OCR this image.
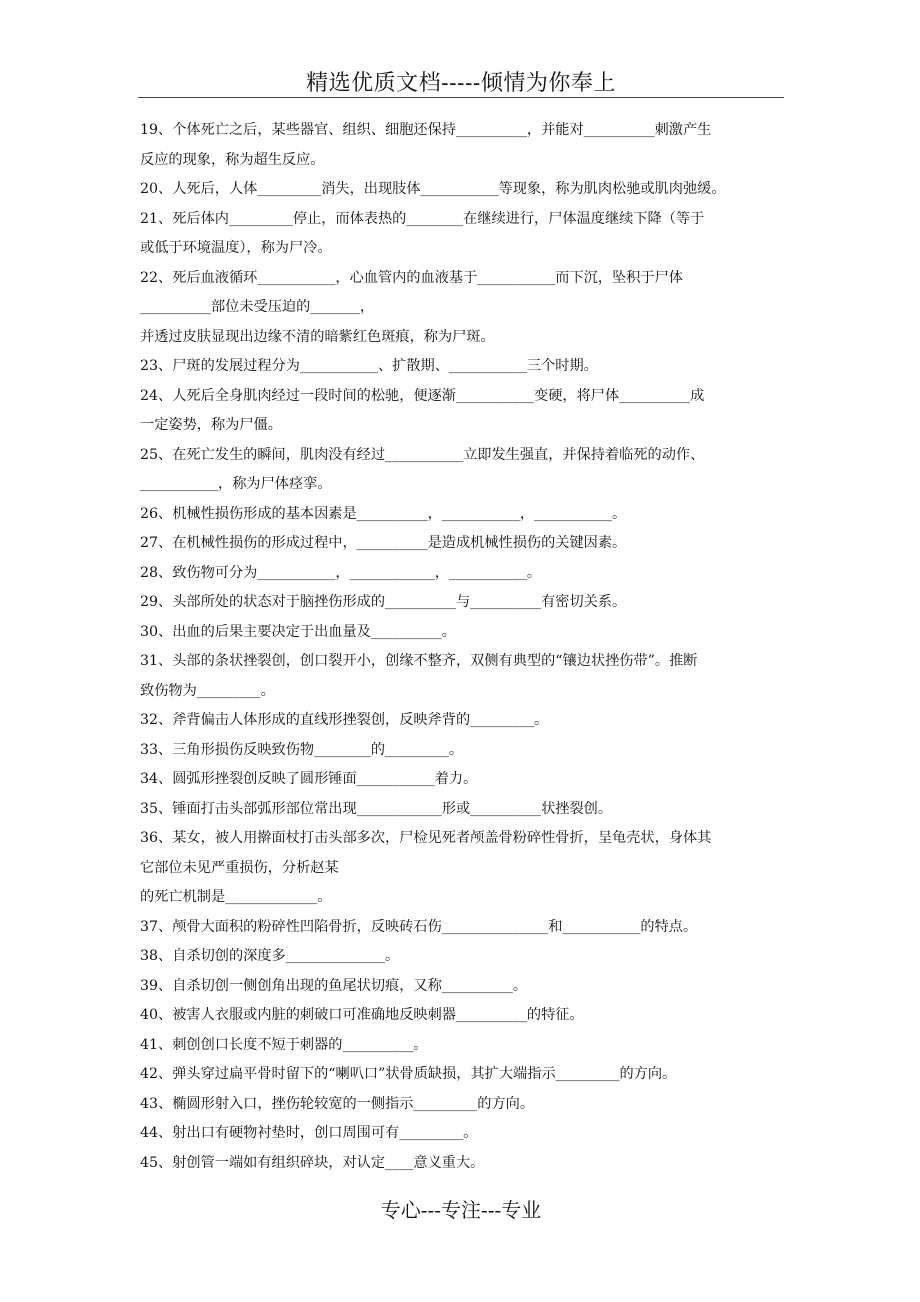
精选优质文档-----倾情为你奉上
19、个体死亡之后，某些器官、组织、细胞还保持__________，并能对__________刺激产生
反应的现象，称为超生反应。
20、人死后，人体_________消失，出现肢体___________等现象，称为肌肉松驰或肌肉弛缓。
21、死后体内_________停止，而体表热的________在继续进行，尸体温度继续下降（等于
或低于环境温度），称为尸冷。
22、死后血液循环___________，心血管内的血液基于___________而下沉，坠积于尸体
__________部位未受压迫的_______，
并透过皮肤显现出边缘不清的暗紫红色斑痕，称为尸斑。
23、尸斑的发展过程分为___________、扩散期、___________三个时期。
24、人死后全身肌肉经过一段时间的松驰，便逐渐___________变硬，将尸体__________成
一定姿势，称为尸僵。
25、在死亡发生的瞬间，肌肉没有经过___________立即发生强直，并保持着临死的动作、
___________，称为尸体痉挛。
26、机械性损伤形成的基本因素是__________，___________，___________。
27、在机械性损伤的形成过程中，__________是造成机械性损伤的关键因素。
28、致伤物可分为___________，____________，___________。
29、头部所处的状态对于脑挫伤形成的__________与__________有密切关系。
30、出血的后果主要决定于出血量及__________。
31、头部的条状挫裂创，创口裂开小，创缘不整齐，双侧有典型的“镶边状挫伤带”。推断
致伤物为_________。
32、斧背偏击人体形成的直线形挫裂创，反映斧背的_________。
33、三角形损伤反映致伤物________的_________。
34、圆弧形挫裂创反映了圆形锤面___________着力。
35、锤面打击头部弧形部位常出现____________形或__________状挫裂创。
36、某女，被人用擀面杖打击头部多次，尸检见死者颅盖骨粉碎性骨折，呈龟壳状，身体其
它部位未见严重损伤，分析赵某
的死亡机制是_____________。
37、颅骨大面积的粉碎性凹陷骨折，反映砖石伤_______________和___________的特点。
38、自杀切创的深度多______________。
39、自杀切创一侧创角出现的鱼尾状切痕，又称__________。
40、被害人衣服或内脏的刺破口可准确地反映刺器__________的特征。
41、刺创创口长度不短于刺器的__________。
42、弹头穿过扁平骨时留下的“喇叭口”状骨质缺损，其扩大端指示_________的方向。
43、椭圆形射入口，挫伤轮较宽的一侧指示_________的方向。
44、射出口有硬物衬垫时，创口周围可有_________。
45、射创管一端如有组织碎块，对认定____意义重大。
专心---专注---专业
